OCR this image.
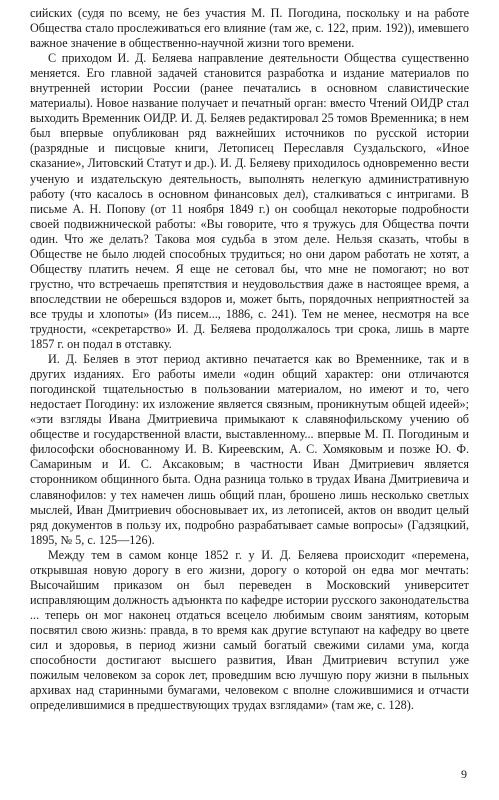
сийских (судя по всему, не без участия М. П. Погодина, поскольку и на работе Общества стало прослеживаться его влияние (там же, с. 122, прим. 192)), имевшего важное значение в общественно-научной жизни того времени.

С приходом И. Д. Беляева направление деятельности Общества существенно меняется. Его главной задачей становится разработка и издание материалов по внутренней истории России (ранее печатались в основном славистические материалы). Новое название получает и печатный орган: вместо Чтений ОИДР стал выходить Временник ОИДР. И. Д. Беляев редактировал 25 томов Временника; в нем был впервые опубликован ряд важнейших источников по русской истории (разрядные и писцовые книги, Летописец Переславля Суздальского, «Иное сказание», Литовский Статут и др.). И. Д. Беляеву приходилось одновременно вести ученую и издательскую деятельность, выполнять нелегкую административную работу (что касалось в основном финансовых дел), сталкиваться с интригами. В письме А. Н. Попову (от 11 ноября 1849 г.) он сообщал некоторые подробности своей подвижнической работы: «Вы говорите, что я тружусь для Общества почти один. Что же делать? Такова моя судьба в этом деле. Нельзя сказать, чтобы в Обществе не было людей способных трудиться; но они даром работать не хотят, а Обществу платить нечем. Я еще не сетовал бы, что мне не помогают; но вот грустно, что встречаешь препятствия и неудовольствия даже в настоящее время, а впоследствии не оберешься вздоров и, может быть, порядочных неприятностей за все труды и хлопоты» (Из писем..., 1886, с. 241). Тем не менее, несмотря на все трудности, «секретарство» И. Д. Беляева продолжалось три срока, лишь в марте 1857 г. он подал в отставку.

И. Д. Беляев в этот период активно печатается как во Временнике, так и в других изданиях. Его работы имели «один общий характер: они отличаются погодинской тщательностью в пользовании материалом, но имеют и то, чего недостает Погодину: их изложение является связным, проникнутым общей идеей»; «эти взгляды Ивана Дмитриевича примыкают к славянофильскому учению об обществе и государственной власти, выставленному... впервые М. П. Погодиным и философски обоснованному И. В. Киреевским, А. С. Хомяковым и позже Ю. Ф. Самариным и И. С. Аксаковым; в частности Иван Дмитриевич является сторонником общинного быта. Одна разница только в трудах Ивана Дмитриевича и славянофилов: у тех намечен лишь общий план, брошено лишь несколько светлых мыслей, Иван Дмитриевич обосновывает их, из летописей, актов он вводит целый ряд документов в пользу их, подробно разрабатывает самые вопросы» (Гадзяцкий, 1895, № 5, с. 125—126).

Между тем в самом конце 1852 г. у И. Д. Беляева происходит «перемена, открывшая новую дорогу в его жизни, дорогу о которой он едва мог мечтать: Высочайшим приказом он был переведен в Московский университет исправляющим должность адъюнкта по кафедре истории русского законодательства ... теперь он мог наконец отдаться всецело любимым своим занятиям, которым посвятил свою жизнь: правда, в то время как другие вступают на кафедру во цвете сил и здоровья, в период жизни самый богатый свежими силами ума, когда способности достигают высшего развития, Иван Дмитриевич вступил уже пожилым человеком за сорок лет, проведшим всю лучшую пору жизни в пыльных архивах над старинными бумагами, человеком с вполне сложившимися и отчасти определившимися в предшествующих трудах взглядами» (там же, с. 128).

9
